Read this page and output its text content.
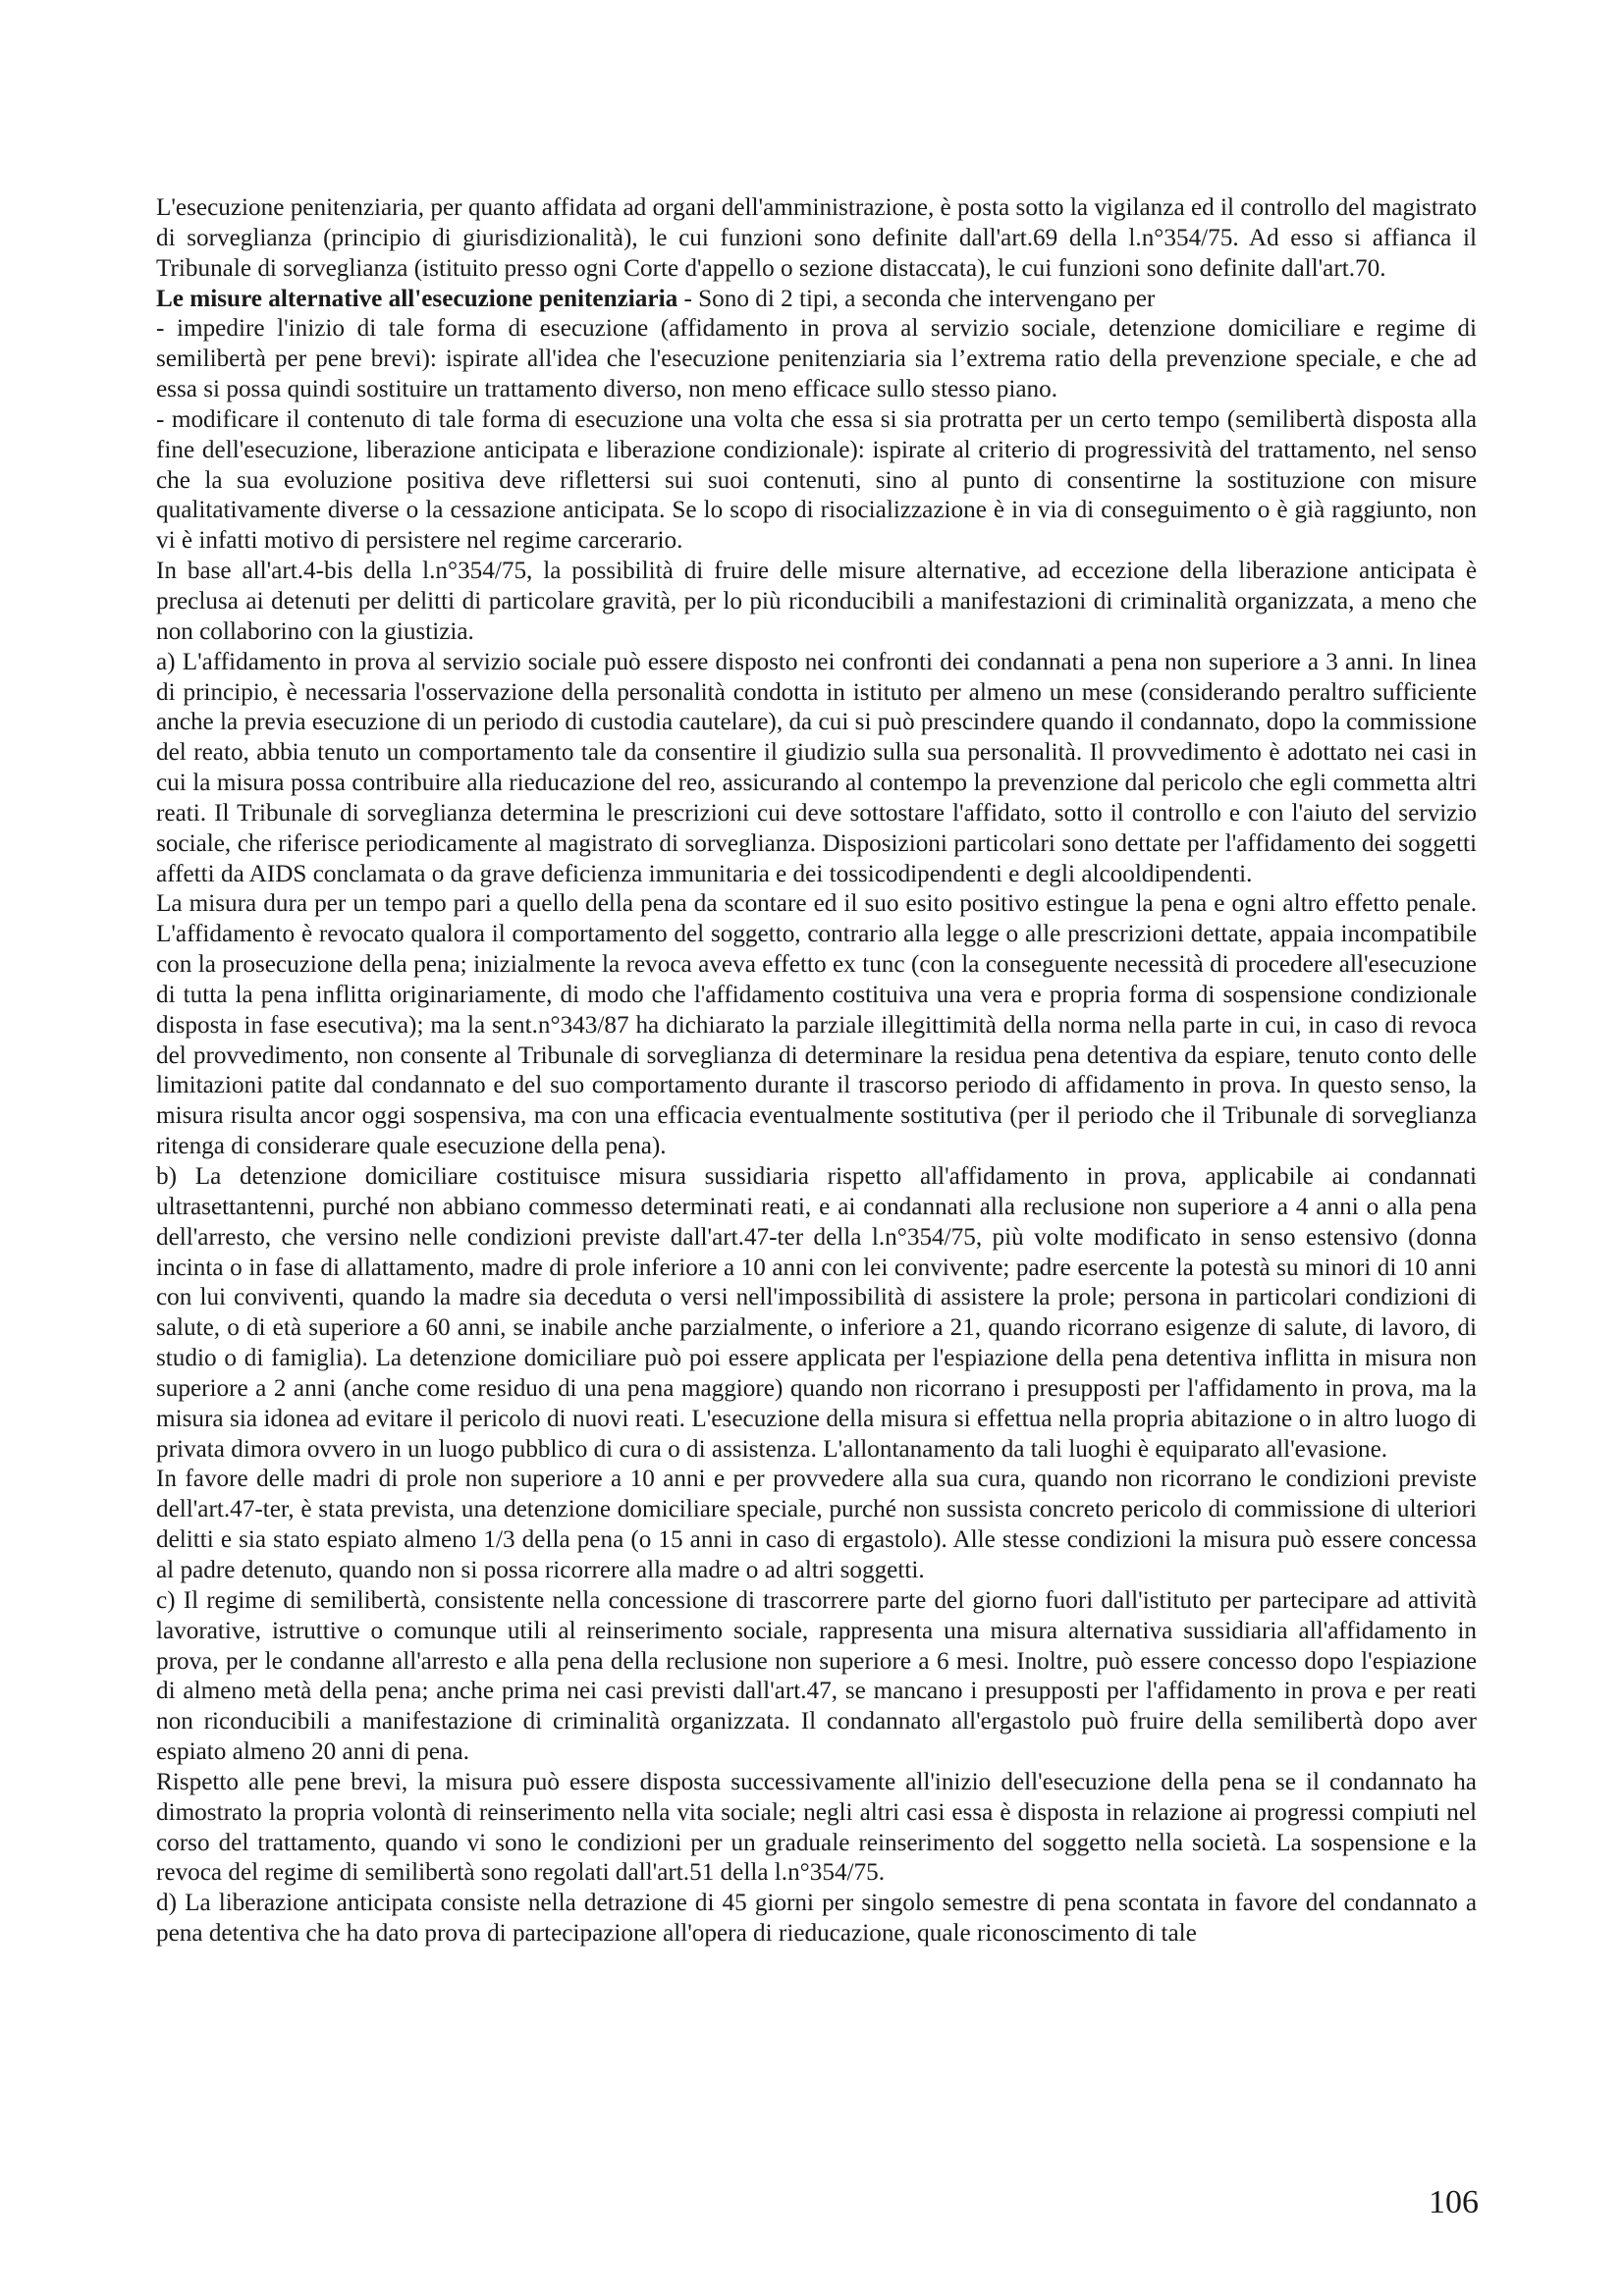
L'esecuzione penitenziaria, per quanto affidata ad organi dell'amministrazione, è posta sotto la vigilanza ed il controllo del magistrato di sorveglianza (principio di giurisdizionalità), le cui funzioni sono definite dall'art.69 della l.n°354/75. Ad esso si affianca il Tribunale di sorveglianza (istituito presso ogni Corte d'appello o sezione distaccata), le cui funzioni sono definite dall'art.70.

Le misure alternative all'esecuzione penitenziaria - Sono di 2 tipi, a seconda che intervengano per

- impedire l'inizio di tale forma di esecuzione (affidamento in prova al servizio sociale, detenzione domiciliare e regime di semilibertà per pene brevi): ispirate all'idea che l'esecuzione penitenziaria sia l’extrema ratio della prevenzione speciale, e che ad essa si possa quindi sostituire un trattamento diverso, non meno efficace sullo stesso piano.

- modificare il contenuto di tale forma di esecuzione una volta che essa si sia protratta per un certo tempo (semilibertà disposta alla fine dell'esecuzione, liberazione anticipata e liberazione condizionale): ispirate al criterio di progressività del trattamento, nel senso che la sua evoluzione positiva deve riflettersi sui suoi contenuti, sino al punto di consentirne la sostituzione con misure qualitativamente diverse o la cessazione anticipata. Se lo scopo di risocializzazione è in via di conseguimento o è già raggiunto, non vi è infatti motivo di persistere nel regime carcerario.

In base all'art.4-bis della l.n°354/75, la possibilità di fruire delle misure alternative, ad eccezione della liberazione anticipata è preclusa ai detenuti per delitti di particolare gravità, per lo più riconducibili a manifestazioni di criminalità organizzata, a meno che non collaborino con la giustizia.

a) L'affidamento in prova al servizio sociale può essere disposto nei confronti dei condannati a pena non superiore a 3 anni. In linea di principio, è necessaria l'osservazione della personalità condotta in istituto per almeno un mese (considerando peraltro sufficiente anche la previa esecuzione di un periodo di custodia cautelare), da cui si può prescindere quando il condannato, dopo la commissione del reato, abbia tenuto un comportamento tale da consentire il giudizio sulla sua personalità. Il provvedimento è adottato nei casi in cui la misura possa contribuire alla rieducazione del reo, assicurando al contempo la prevenzione dal pericolo che egli commetta altri reati. Il Tribunale di sorveglianza determina le prescrizioni cui deve sottostare l'affidato, sotto il controllo e con l'aiuto del servizio sociale, che riferisce periodicamente al magistrato di sorveglianza. Disposizioni particolari sono dettate per l'affidamento dei soggetti affetti da AIDS conclamata o da grave deficienza immunitaria e dei tossicodipendenti e degli alcooldipendenti.

La misura dura per un tempo pari a quello della pena da scontare ed il suo esito positivo estingue la pena e ogni altro effetto penale. L'affidamento è revocato qualora il comportamento del soggetto, contrario alla legge o alle prescrizioni dettate, appaia incompatibile con la prosecuzione della pena; inizialmente la revoca aveva effetto ex tunc (con la conseguente necessità di procedere all'esecuzione di tutta la pena inflitta originariamente, di modo che l'affidamento costituiva una vera e propria forma di sospensione condizionale disposta in fase esecutiva); ma la sent.n°343/87 ha dichiarato la parziale illegittimità della norma nella parte in cui, in caso di revoca del provvedimento, non consente al Tribunale di sorveglianza di determinare la residua pena detentiva da espiare, tenuto conto delle limitazioni patite dal condannato e del suo comportamento durante il trascorso periodo di affidamento in prova. In questo senso, la misura risulta ancor oggi sospensiva, ma con una efficacia eventualmente sostitutiva (per il periodo che il Tribunale di sorveglianza ritenga di considerare quale esecuzione della pena).

b) La detenzione domiciliare costituisce misura sussidiaria rispetto all'affidamento in prova, applicabile ai condannati ultrasettantenni, purché non abbiano commesso determinati reati, e ai condannati alla reclusione non superiore a 4 anni o alla pena dell'arresto, che versino nelle condizioni previste dall'art.47-ter della l.n°354/75, più volte modificato in senso estensivo (donna incinta o in fase di allattamento, madre di prole inferiore a 10 anni con lei convivente; padre esercente la potestà su minori di 10 anni con lui conviventi, quando la madre sia deceduta o versi nell'impossibilità di assistere la prole; persona in particolari condizioni di salute, o di età superiore a 60 anni, se inabile anche parzialmente, o inferiore a 21, quando ricorrano esigenze di salute, di lavoro, di studio o di famiglia). La detenzione domiciliare può poi essere applicata per l'espiazione della pena detentiva inflitta in misura non superiore a 2 anni (anche come residuo di una pena maggiore) quando non ricorrano i presupposti per l'affidamento in prova, ma la misura sia idonea ad evitare il pericolo di nuovi reati. L'esecuzione della misura si effettua nella propria abitazione o in altro luogo di privata dimora ovvero in un luogo pubblico di cura o di assistenza. L'allontanamento da tali luoghi è equiparato all'evasione.

In favore delle madri di prole non superiore a 10 anni e per provvedere alla sua cura, quando non ricorrano le condizioni previste dell'art.47-ter, è stata prevista, una detenzione domiciliare speciale, purché non sussista concreto pericolo di commissione di ulteriori delitti e sia stato espiato almeno 1/3 della pena (o 15 anni in caso di ergastolo). Alle stesse condizioni la misura può essere concessa al padre detenuto, quando non si possa ricorrere alla madre o ad altri soggetti.

c) Il regime di semilibertà, consistente nella concessione di trascorrere parte del giorno fuori dall'istituto per partecipare ad attività lavorative, istruttive o comunque utili al reinserimento sociale, rappresenta una misura alternativa sussidiaria all'affidamento in prova, per le condanne all'arresto e alla pena della reclusione non superiore a 6 mesi. Inoltre, può essere concesso dopo l'espiazione di almeno metà della pena; anche prima nei casi previsti dall'art.47, se mancano i presupposti per l'affidamento in prova e per reati non riconducibili a manifestazione di criminalità organizzata. Il condannato all'ergastolo può fruire della semilibertà dopo aver espiato almeno 20 anni di pena.

Rispetto alle pene brevi, la misura può essere disposta successivamente all'inizio dell'esecuzione della pena se il condannato ha dimostrato la propria volontà di reinserimento nella vita sociale; negli altri casi essa è disposta in relazione ai progressi compiuti nel corso del trattamento, quando vi sono le condizioni per un graduale reinserimento del soggetto nella società. La sospensione e la revoca del regime di semilibertà sono regolati dall'art.51 della l.n°354/75.

d) La liberazione anticipata consiste nella detrazione di 45 giorni per singolo semestre di pena scontata in favore del condannato a pena detentiva che ha dato prova di partecipazione all'opera di rieducazione, quale riconoscimento di tale

106
